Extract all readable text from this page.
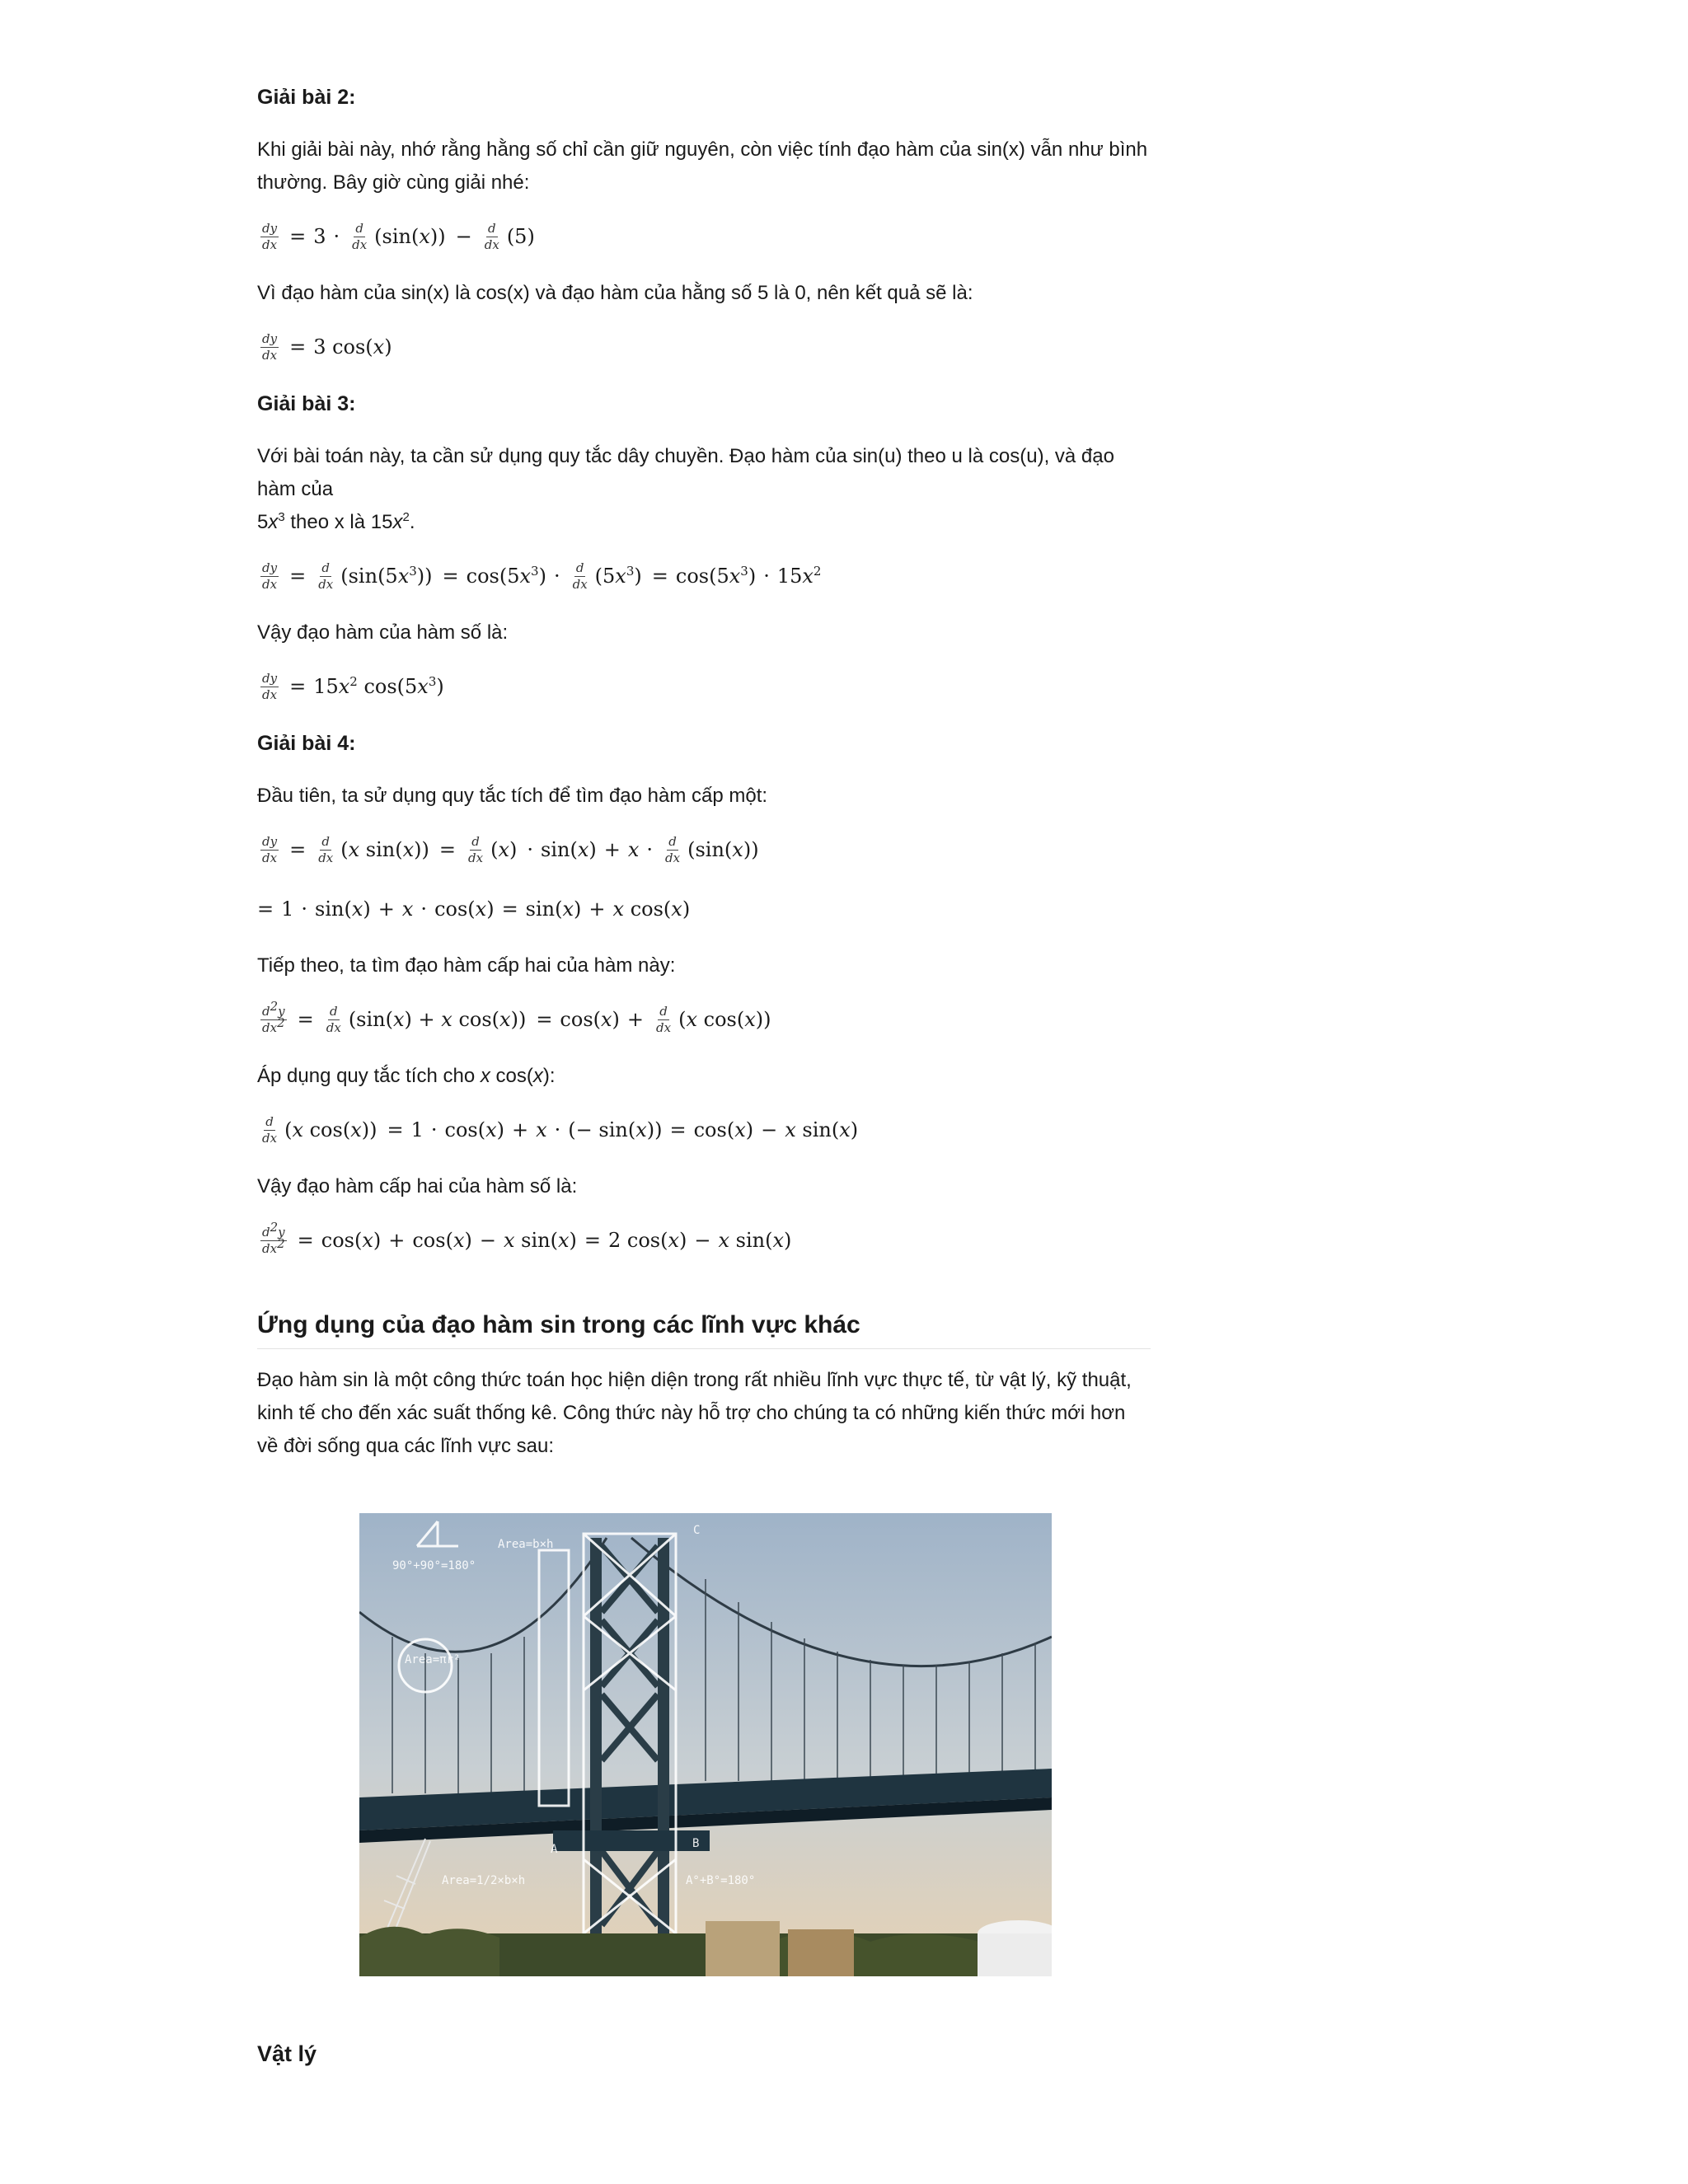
Giải bài 2:
Khi giải bài này, nhớ rằng hằng số chỉ cần giữ nguyên, còn việc tính đạo hàm của sin(x) vẫn như bình thường. Bây giờ cùng giải nhé:
$\frac{dy}{dx} = 3 \cdot \frac{d}{dx} (\sin(x)) - \frac{d}{dx} (5)$
Vì đạo hàm của sin(x) là cos(x) và đạo hàm của hằng số 5 là 0, nên kết quả sẽ là:
$\frac{dy}{dx} = 3$ cos(x)
Giải bài 3:
Với bài toán này, ta cần sử dụng quy tắc dây chuyền. Đạo hàm của sin(u) theo u là cos(u), và đạo hàm của
$5x^3$ theo x là $15x^2$.
$\frac{dy}{dx} = \frac{d}{dx} (\sin(5x^3)) = \cos(5x^3) \cdot \frac{d}{dx} (5x^3) = \cos(5x^3) \cdot 15x^2$
Vậy đạo hàm của hàm số là:
$\frac{dy}{dx} = 15x^2$ $\cos(5x^3)$
Giải bài 4:
Đầu tiên, ta sử dụng quy tắc tích để tìm đạo hàm cấp một:
$\frac{dy}{dx} = \frac{d}{dx} (x$ $\sin(x)) = \frac{d}{dx} (x) \cdot \sin(x) + x \cdot \frac{d}{dx} (\sin(x))$
= 1 · sin(x) + x · cos(x) = sin(x) + x cos(x)
Tiếp theo, ta tìm đạo hàm cấp hai của hàm này:
$\frac{d^2y}{dx^2} = \frac{d}{dx} (\sin(x) + x$ $\cos(x)) = \cos(x) + \frac{d}{dx} (x$ cos(x))
Áp dụng quy tắc tích cho x cos(x):
$\frac{d}{dx} (x$ cos(x)) = 1 · cos(x) + x · (− sin(x)) = cos(x) − x sin(x)
Vậy đạo hàm cấp hai của hàm số là:
$\frac{d^2y}{dx^2} = \cos(x) + \cos(x) - x$ sin(x) = 2 cos(x) − x sin(x)
Ứng dụng của đạo hàm sin trong các lĩnh vực khác
Đạo hàm sin là một công thức toán học hiện diện trong rất nhiều lĩnh vực thực tế, từ vật lý, kỹ thuật, kinh tế cho đến xác suất thống kê. Công thức này hỗ trợ cho chúng ta có những kiến thức mới hơn về đời sống qua các lĩnh vực sau:
Area=b×h
90°+90°=180°
Area=πr²
A	B
C
A°+B°=180°
Area=1/2×b×h
Vật lý
